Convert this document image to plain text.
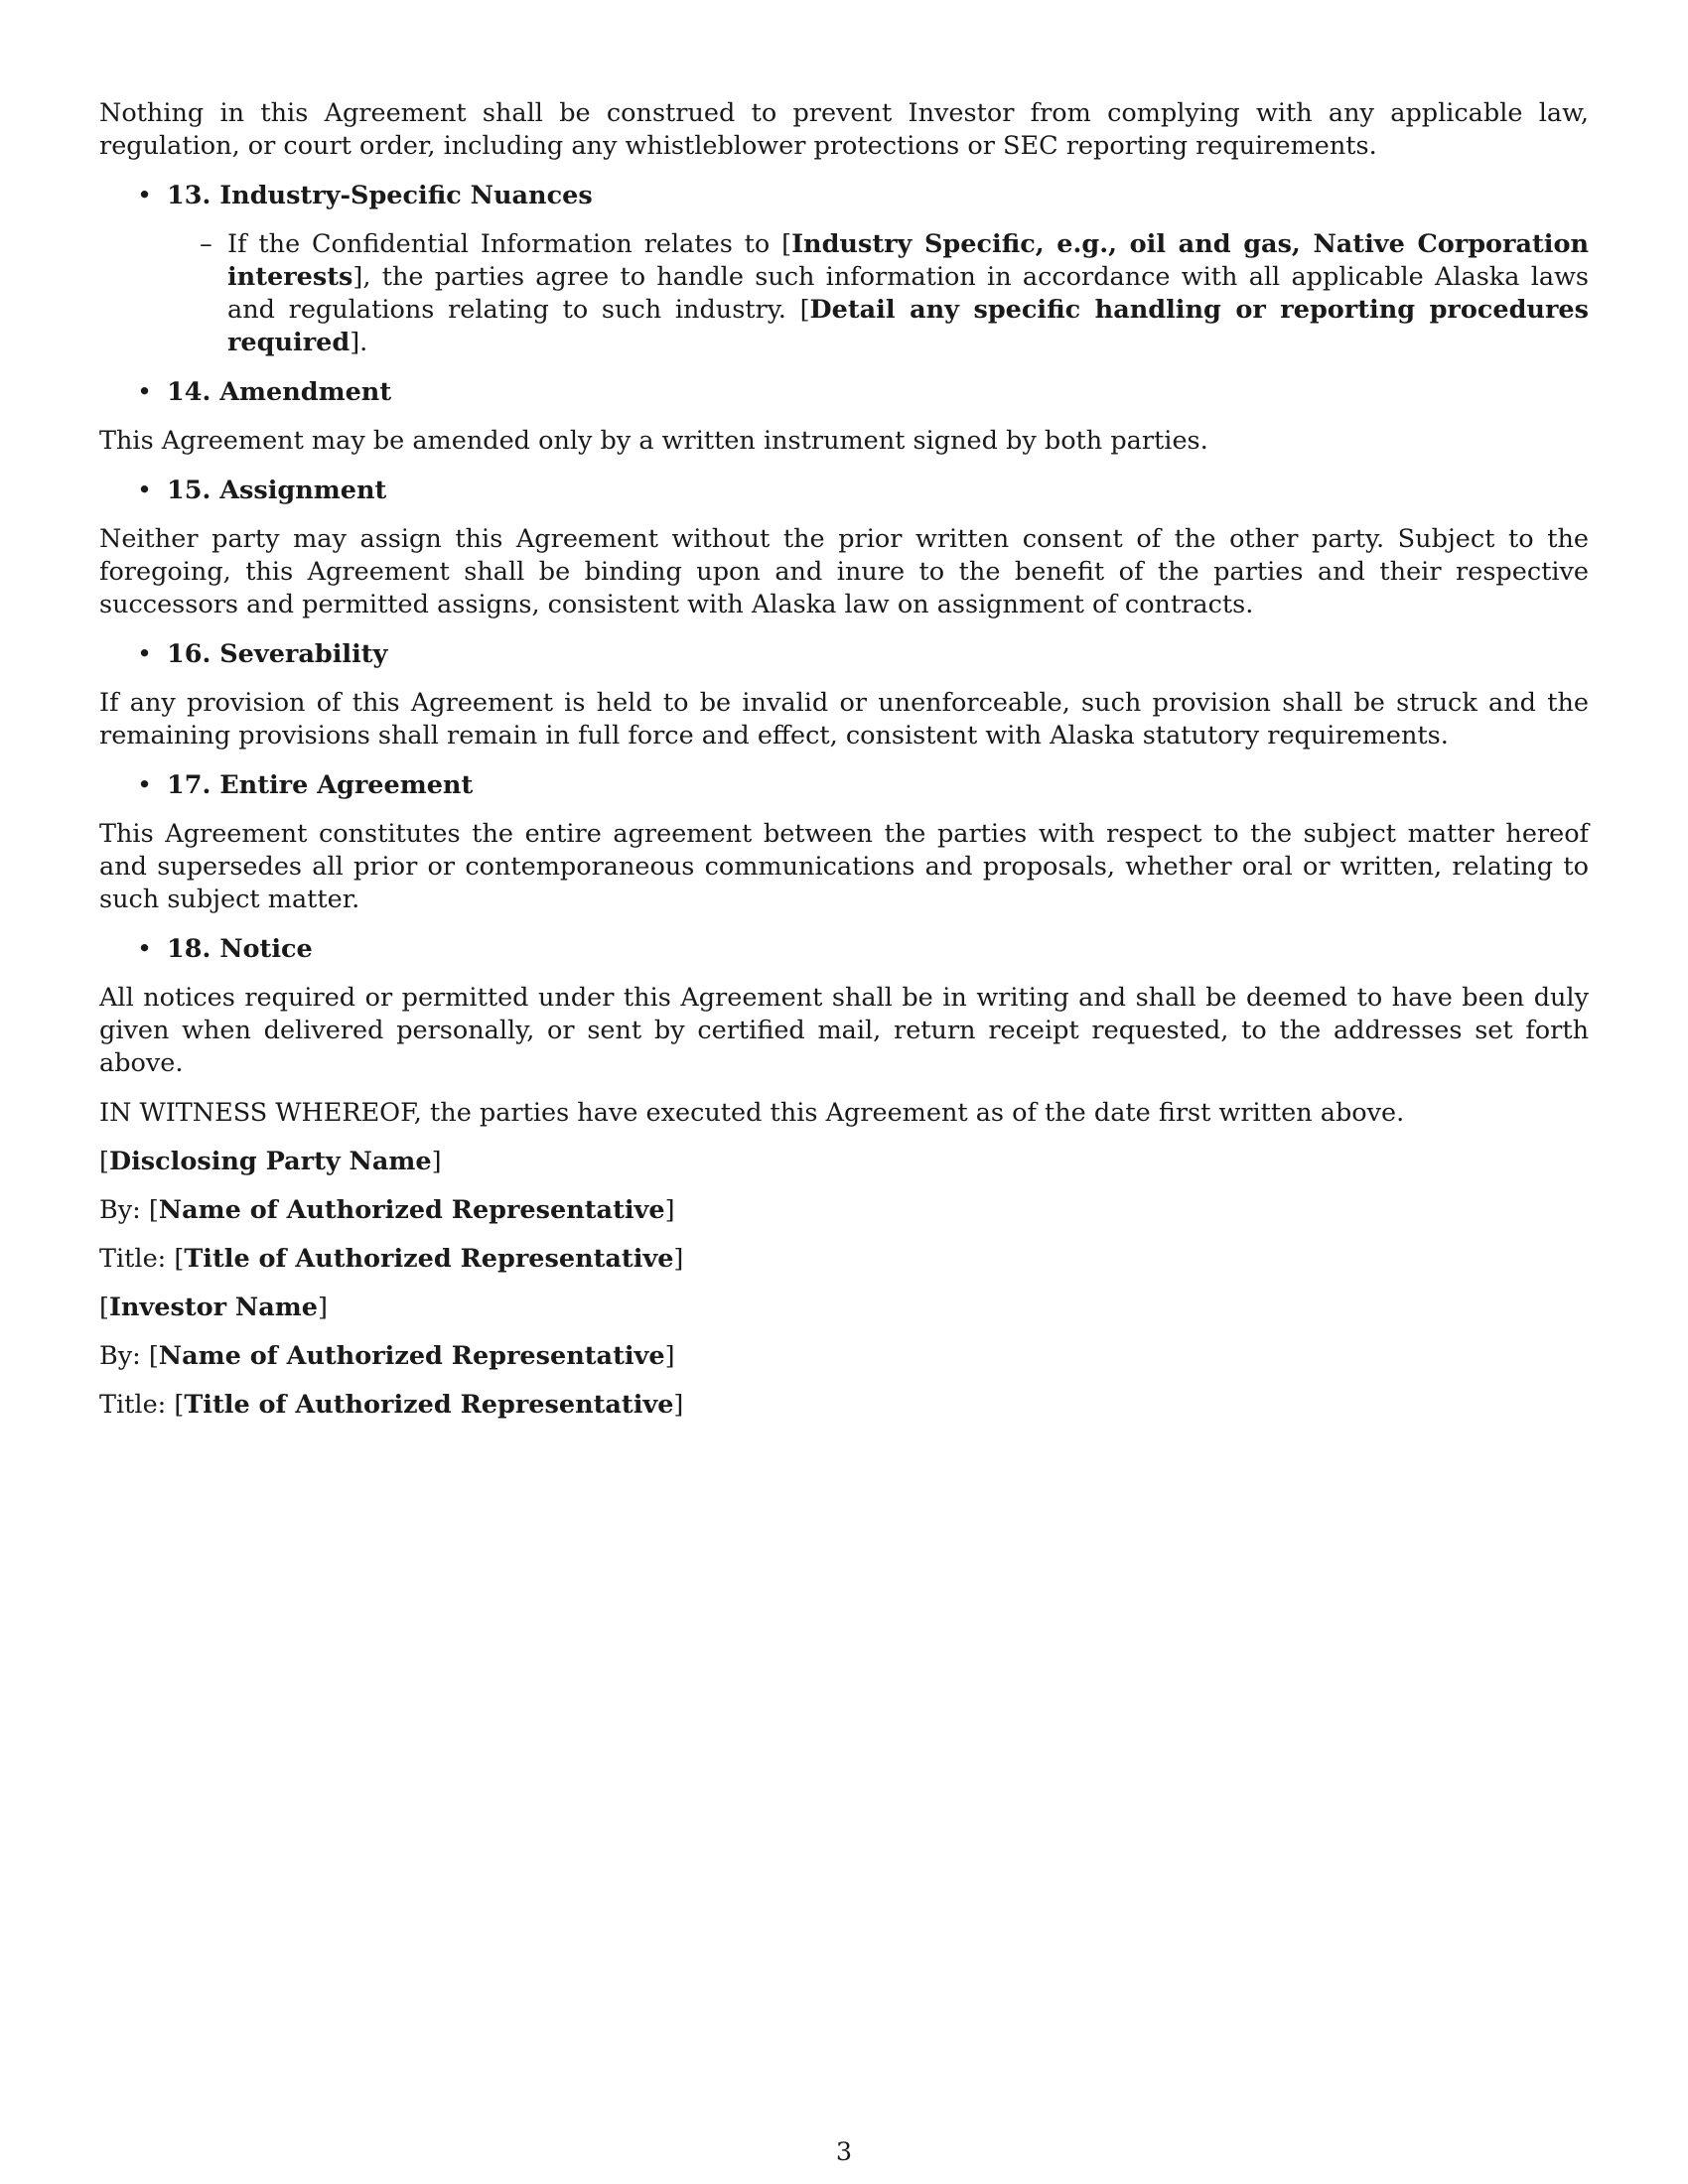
Nothing in this Agreement shall be construed to prevent Investor from complying with any applicable law, regulation, or court order, including any whistleblower protections or SEC reporting requirements.

• 13. Industry-Specific Nuances
– If the Confidential Information relates to [Industry Specific, e.g., oil and gas, Native Corporation interests], the parties agree to handle such information in accordance with all applicable Alaska laws and regulations relating to such industry. [Detail any specific handling or reporting procedures required].
• 14. Amendment

This Agreement may be amended only by a written instrument signed by both parties.

• 15. Assignment

Neither party may assign this Agreement without the prior written consent of the other party. Subject to the foregoing, this Agreement shall be binding upon and inure to the benefit of the parties and their respective successors and permitted assigns, consistent with Alaska law on assignment of contracts.

• 16. Severability

If any provision of this Agreement is held to be invalid or unenforceable, such provision shall be struck and the remaining provisions shall remain in full force and effect, consistent with Alaska statutory requirements.

• 17. Entire Agreement

This Agreement constitutes the entire agreement between the parties with respect to the subject matter hereof and supersedes all prior or contemporaneous communications and proposals, whether oral or written, relating to such subject matter.

• 18. Notice

All notices required or permitted under this Agreement shall be in writing and shall be deemed to have been duly given when delivered personally, or sent by certified mail, return receipt requested, to the addresses set forth above.

IN WITNESS WHEREOF, the parties have executed this Agreement as of the date first written above.

[Disclosing Party Name]

By: [Name of Authorized Representative]

Title: [Title of Authorized Representative]

[Investor Name]

By: [Name of Authorized Representative]

Title: [Title of Authorized Representative]

3
